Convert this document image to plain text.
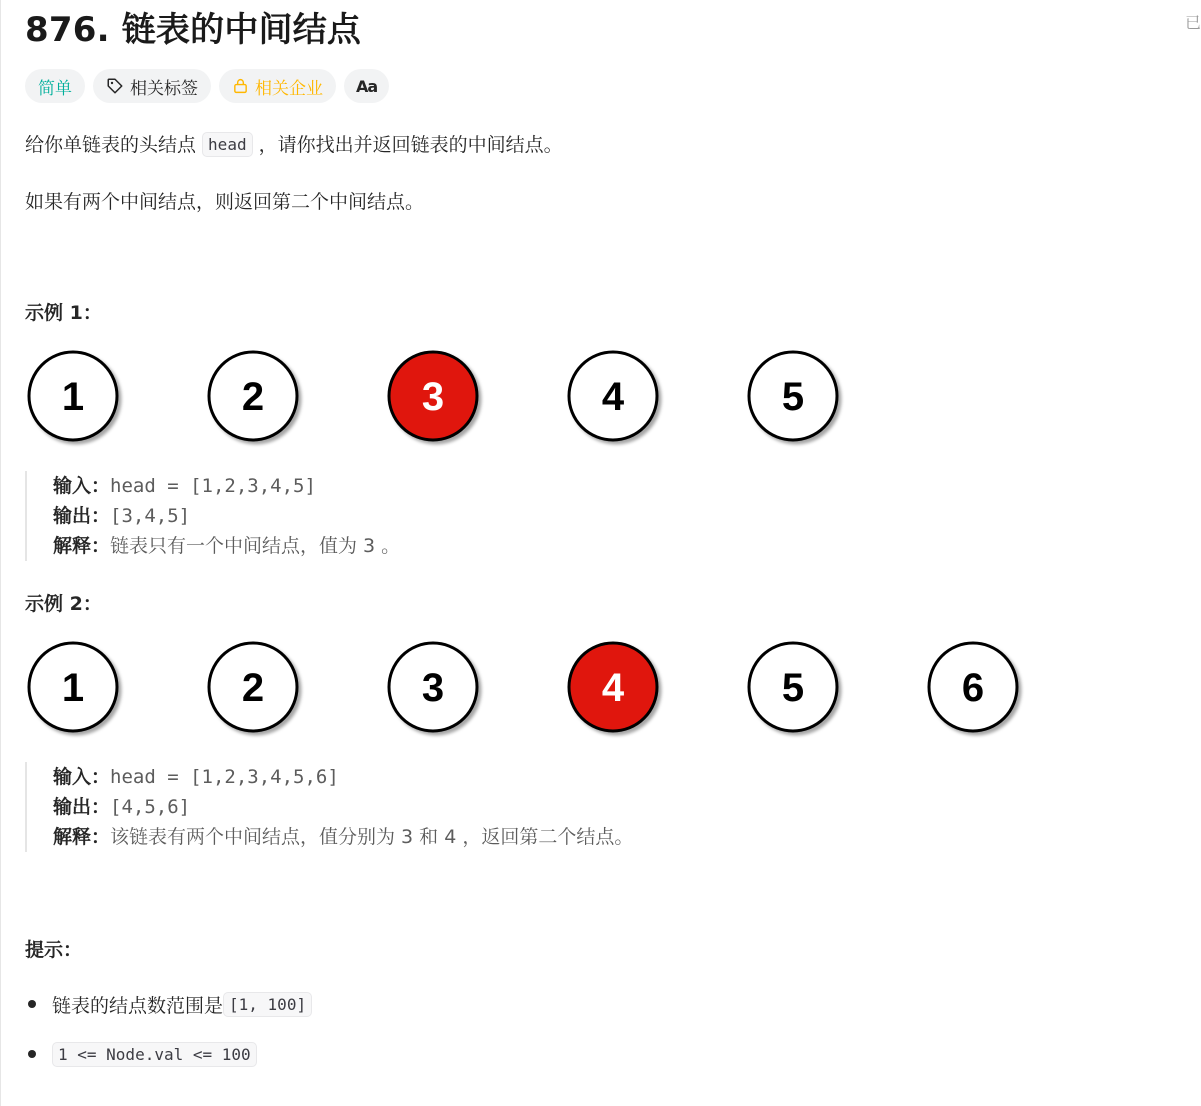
已
876. 链表的中间结点
简单	相关标签	相关企业 Aa
给你单链表的头结点 head ，请你找出并返回链表的中间结点。
如果有两个中间结点，则返回第二个中间结点。
示例 1：
1	2	3	4	5
输入：head = [1,2,3,4,5]
输出：[3,4,5]
解释：链表只有一个中间结点，值为 3 。
示例 2：
1	2	3	4	5	6
输入：head = [1,2,3,4,5,6]
输出：[4,5,6]
解释：该链表有两个中间结点，值分别为 3 和 4 ，返回第二个结点。
提示：
链表的结点数范围是 [1, 100]
1 <= Node.val <= 100
